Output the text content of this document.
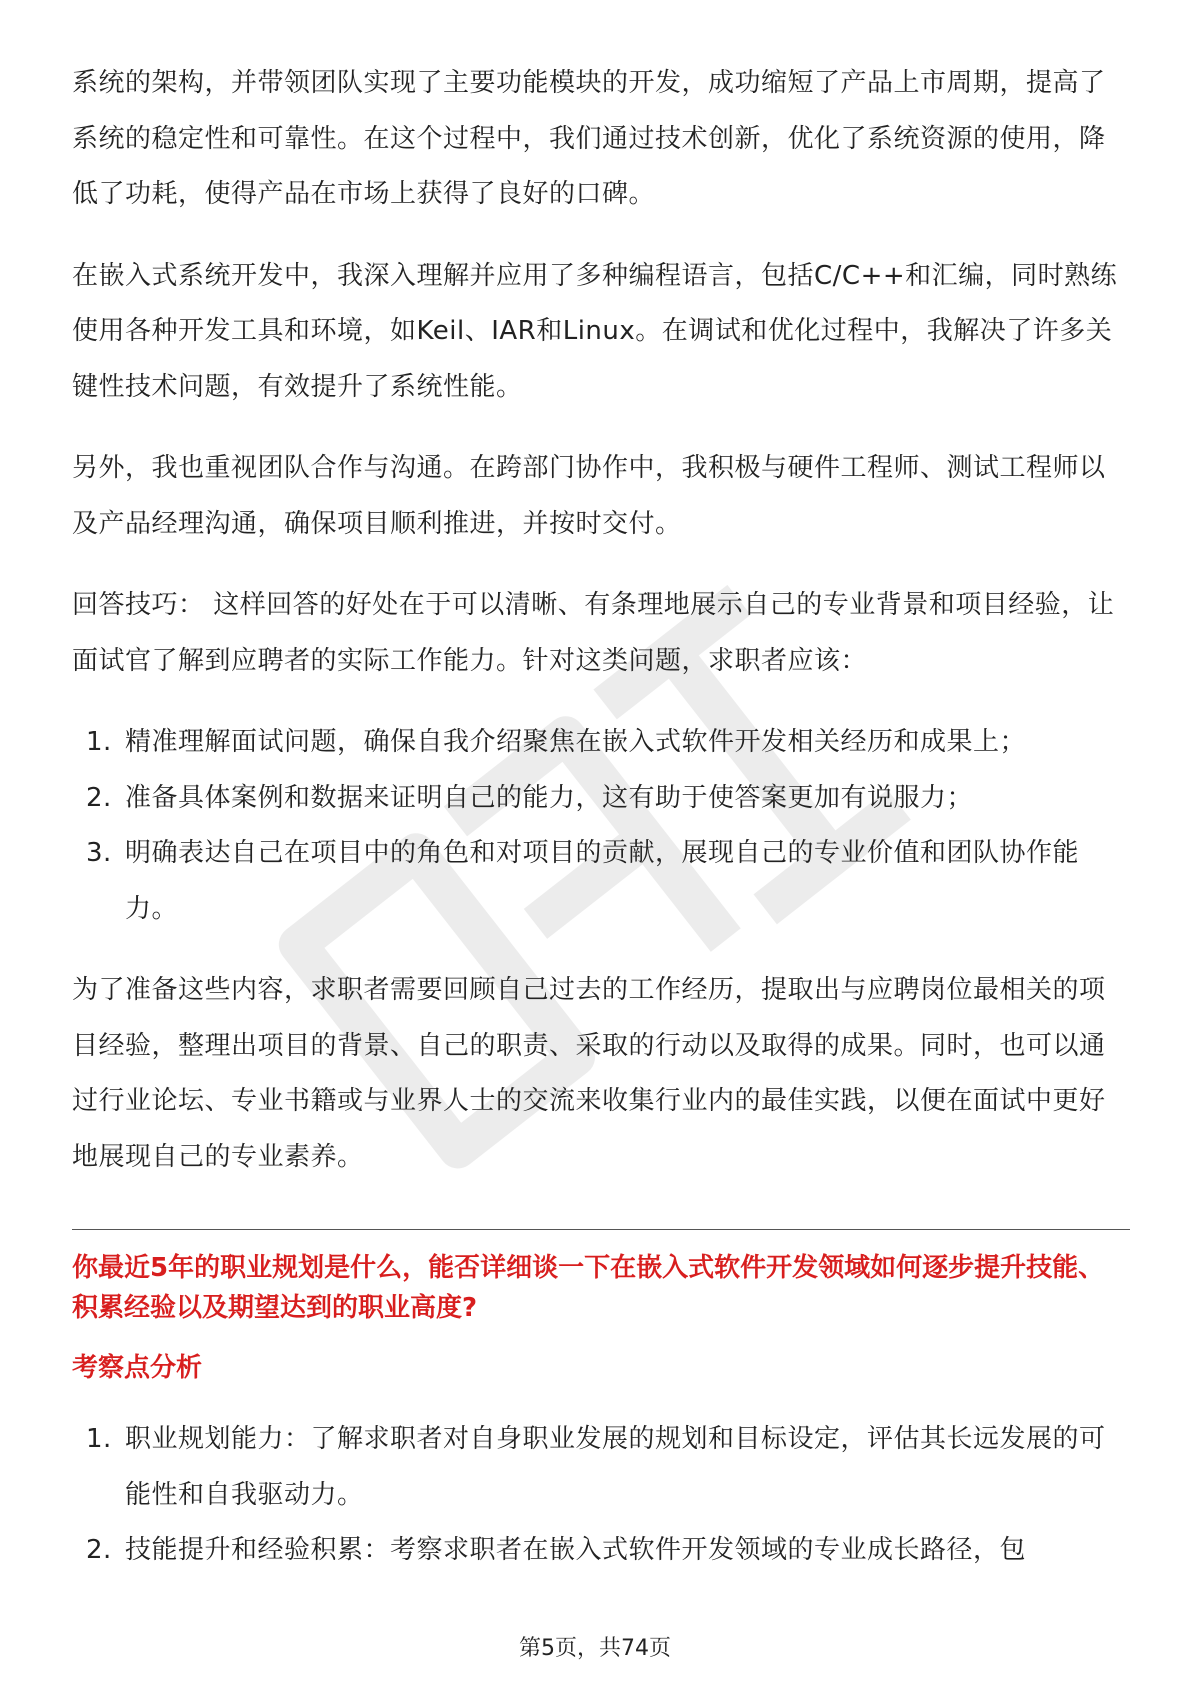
系统的架构，并带领团队实现了主要功能模块的开发，成功缩短了产品上市周期，提高了系统的稳定性和可靠性。在这个过程中，我们通过技术创新，优化了系统资源的使用，降低了功耗，使得产品在市场上获得了良好的口碑。

在嵌入式系统开发中，我深入理解并应用了多种编程语言，包括C/C++和汇编，同时熟练使用各种开发工具和环境，如Keil、IAR和Linux。在调试和优化过程中，我解决了许多关键性技术问题，有效提升了系统性能。

另外，我也重视团队合作与沟通。在跨部门协作中，我积极与硬件工程师、测试工程师以及产品经理沟通，确保项目顺利推进，并按时交付。

回答技巧： 这样回答的好处在于可以清晰、有条理地展示自己的专业背景和项目经验，让面试官了解到应聘者的实际工作能力。针对这类问题，求职者应该：

1. 精准理解面试问题，确保自我介绍聚焦在嵌入式软件开发相关经历和成果上；
2. 准备具体案例和数据来证明自己的能力，这有助于使答案更加有说服力；
3. 明确表达自己在项目中的角色和对项目的贡献，展现自己的专业价值和团队协作能力。

为了准备这些内容，求职者需要回顾自己过去的工作经历，提取出与应聘岗位最相关的项目经验，整理出项目的背景、自己的职责、采取的行动以及取得的成果。同时，也可以通过行业论坛、专业书籍或与业界人士的交流来收集行业内的最佳实践，以便在面试中更好地展现自己的专业素养。

你最近5年的职业规划是什么，能否详细谈一下在嵌入式软件开发领域如何逐步提升技能、积累经验以及期望达到的职业高度?

考察点分析

1. 职业规划能力：了解求职者对自身职业发展的规划和目标设定，评估其长远发展的可能性和自我驱动力。
2. 技能提升和经验积累：考察求职者在嵌入式软件开发领域的专业成长路径，包
第5页，共74页
